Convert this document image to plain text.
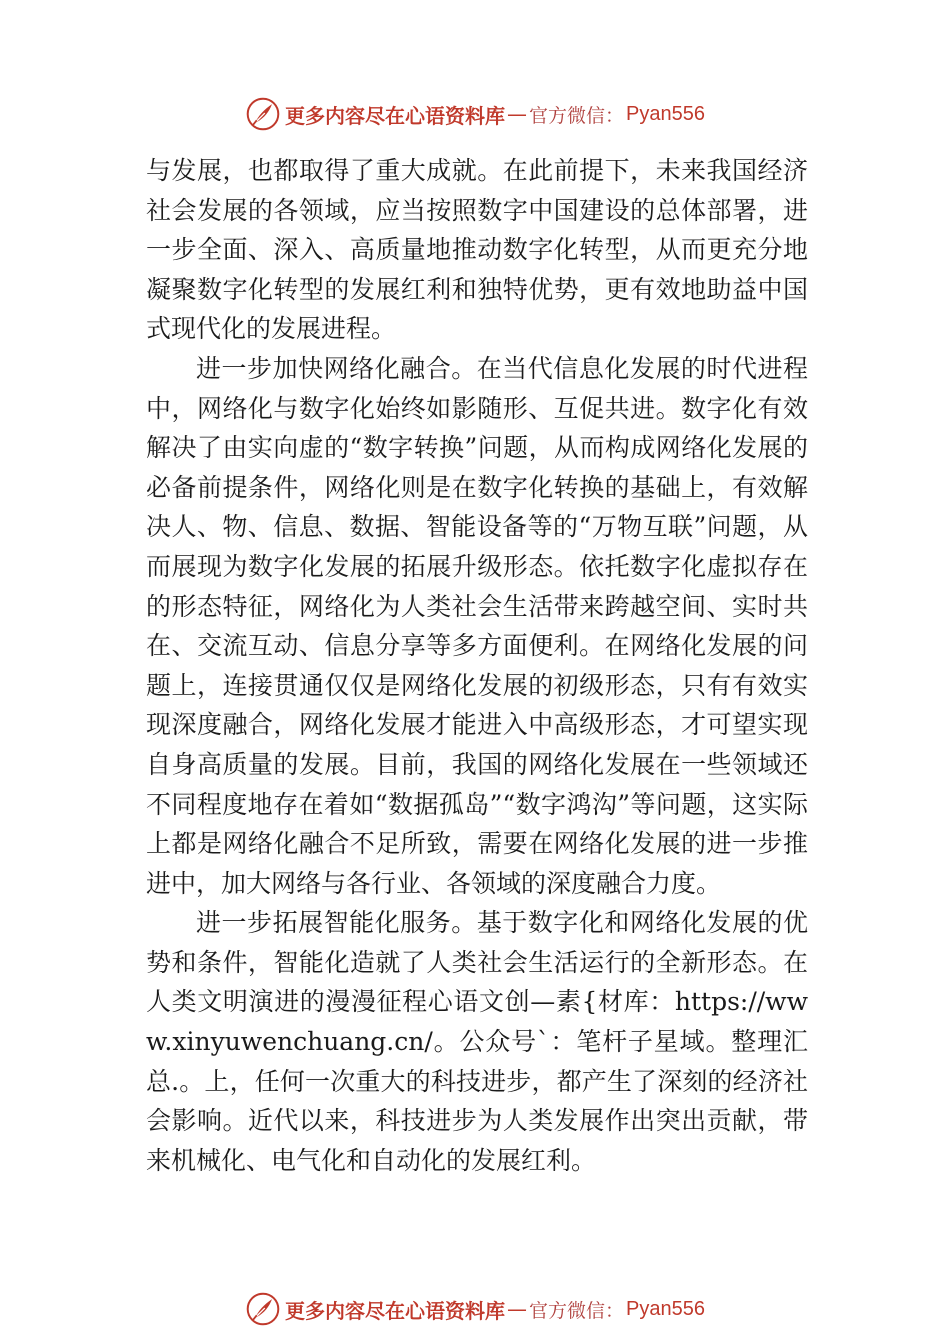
更多内容尽在心语资料库 — 官方微信： Pyan556

与发展，也都取得了重大成就。在此前提下，未来我国经济社会发展的各领域，应当按照数字中国建设的总体部署，进一步全面、深入、高质量地推动数字化转型，从而更充分地凝聚数字化转型的发展红利和独特优势，更有效地助益中国式现代化的发展进程。

进一步加快网络化融合。在当代信息化发展的时代进程中，网络化与数字化始终如影随形、互促共进。数字化有效解决了由实向虚的“数字转换”问题，从而构成网络化发展的必备前提条件，网络化则是在数字化转换的基础上，有效解决人、物、信息、数据、智能设备等的“万物互联”问题，从而展现为数字化发展的拓展升级形态。依托数字化虚拟存在的形态特征，网络化为人类社会生活带来跨越空间、实时共在、交流互动、信息分享等多方面便利。在网络化发展的问题上，连接贯通仅仅是网络化发展的初级形态，只有有效实现深度融合，网络化发展才能进入中高级形态，才可望实现自身高质量的发展。目前，我国的网络化发展在一些领域还不同程度地存在着如“数据孤岛”“数字鸿沟”等问题，这实际上都是网络化融合不足所致，需要在网络化发展的进一步推进中，加大网络与各行业、各领域的深度融合力度。

进一步拓展智能化服务。基于数字化和网络化发展的优势和条件，智能化造就了人类社会生活运行的全新形态。在人类文明演进的漫漫征程心语文创—素{材库：https://www.xinyuwenchuang.cn/。公众号`：笔杆子星域。整理汇总.。上，任何一次重大的科技进步，都产生了深刻的经济社会影响。近代以来，科技进步为人类发展作出突出贡献，带来机械化、电气化和自动化的发展红利。

更多内容尽在心语资料库 — 官方微信： Pyan556
